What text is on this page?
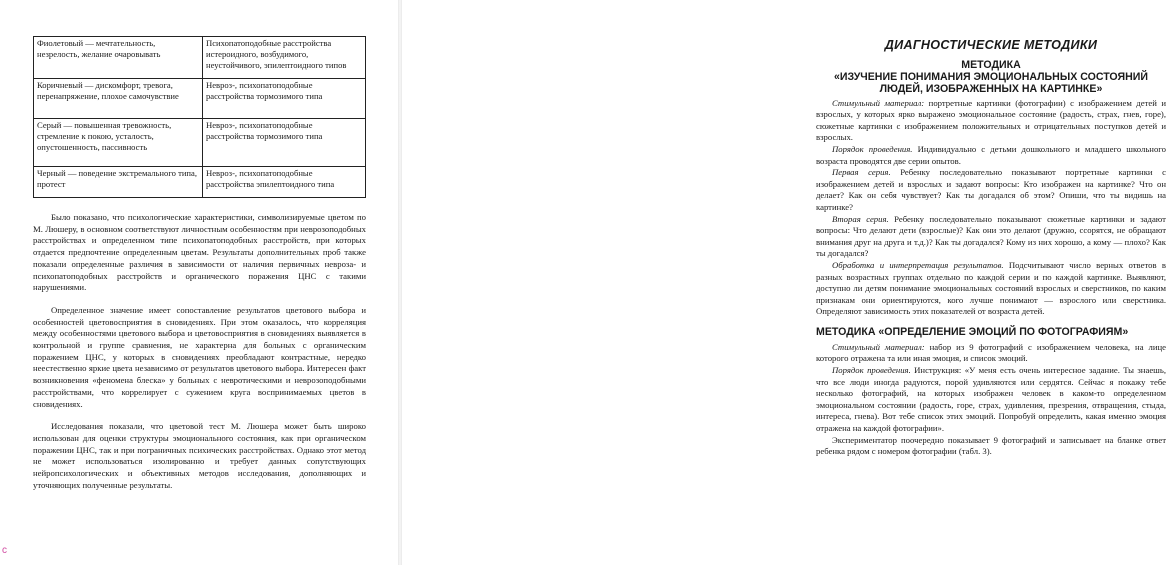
Фиолетовый — мечтательность, незрелость, желание очаровывать	Психопатоподобные расстройства истероидного, возбудимого, неустойчивого, эпилептоидного типов
Коричневый — дискомфорт, тревога, перенапряжение, плохое самочувствие	Невроз-, психопатоподобные расстройства тормозимого типа
Серый — повышенная тревожность, стремление к покою, усталость, опустошенность, пассивность	Невроз-, психопатоподобные расстройства тормозимого типа
Черный — поведение экстремального типа, протест	Невроз-, психопатоподобные расстройства эпилептоидного типа

Было показано, что психологические характеристики, символизируемые цветом по М. Люшеру, в основном соответствуют личностным особенностям при неврозоподобных расстройствах и определенном типе психопатоподобных расстройств, при которых отдается предпочтение определенным цветам. Результаты дополнительных проб также показали определенные различия в зависимости от наличия первичных невроза- и психопатоподобных расстройств и органического поражения ЦНС с такими нарушениями.

Определенное значение имеет сопоставление результатов цветового выбора и особенностей цветовосприятия в сновидениях. При этом оказалось, что корреляция между особенностями цветового выбора и цветовосприятия в сновидениях выявляется в контрольной и группе сравнения, не характерна для больных с органическим поражением ЦНС, у которых в сновидениях преобладают контрастные, нередко неестественно яркие цвета независимо от результатов цветового выбора. Интересен факт возникновения «феномена блеска» у больных с невротическими и неврозоподобными расстройствами, что коррелирует с сужением круга воспринимаемых цветов в сновидениях.

Исследования показали, что цветовой тест М. Люшера может быть широко использован для оценки структуры эмоционального состояния, как при органическом поражении ЦНС, так и при пограничных психических расстройствах. Однако этот метод не может использоваться изолированно и требует данных сопутствующих нейропсихологических и объективных методов исследования, дополняющих и уточняющих полученные результаты.

ДИАГНОСТИЧЕСКИЕ МЕТОДИКИ
МЕТОДИКА
«ИЗУЧЕНИЕ ПОНИМАНИЯ ЭМОЦИОНАЛЬНЫХ СОСТОЯНИЙ ЛЮДЕЙ, ИЗОБРАЖЕННЫХ НА КАРТИНКЕ»

Стимульный материал: портретные картинки (фотографии) с изображением детей и взрослых, у которых ярко выражено эмоциональное состояние (радость, страх, гнев, горе), сюжетные картинки с изображением положительных и отрицательных поступков детей и взрослых.

Порядок проведения. Индивидуально с детьми дошкольного и младшего школьного возраста проводятся две серии опытов.

Первая серия. Ребенку последовательно показывают портретные картинки с изображением детей и взрослых и задают вопросы: Кто изображен на картинке? Что он делает? Как он себя чувствует? Как ты догадался об этом? Опиши, что ты видишь на картинке?

Вторая серия. Ребенку последовательно показывают сюжетные картинки и задают вопросы: Что делают дети (взрослые)? Как они это делают (дружно, ссорятся, не обращают внимания друг на друга и т.д.)? Как ты догадался? Кому из них хорошо, а кому — плохо? Как ты догадался?

Обработка и интерпретация результатов. Подсчитывают число верных ответов в разных возрастных группах отдельно по каждой серии и по каждой картинке. Выявляют, доступно ли детям понимание эмоциональных состояний взрослых и сверстников, по каким признакам они ориентируются, кого лучше понимают — взрослого или сверстника. Определяют зависимость этих показателей от возраста детей.

МЕТОДИКА «ОПРЕДЕЛЕНИЕ ЭМОЦИЙ ПО ФОТОГРАФИЯМ»

Стимульный материал: набор из 9 фотографий с изображением человека, на лице которого отражена та или иная эмоция, и список эмоций.

Порядок проведения. Инструкция: «У меня есть очень интересное задание. Ты знаешь, что все люди иногда радуются, порой удивляются или сердятся. Сейчас я покажу тебе несколько фотографий, на которых изображен человек в каком-то определенном эмоциональном состоянии (радость, горе, страх, удивления, презрения, отвращения, стыда, интереса, гнева). Вот тебе список этих эмоций. Попробуй определить, какая именно эмоция отражена на каждой фотографии».

Экспериментатор поочередно показывает 9 фотографий и записывает на бланке ответ ребенка рядом с номером фотографии (табл. 3).

с
